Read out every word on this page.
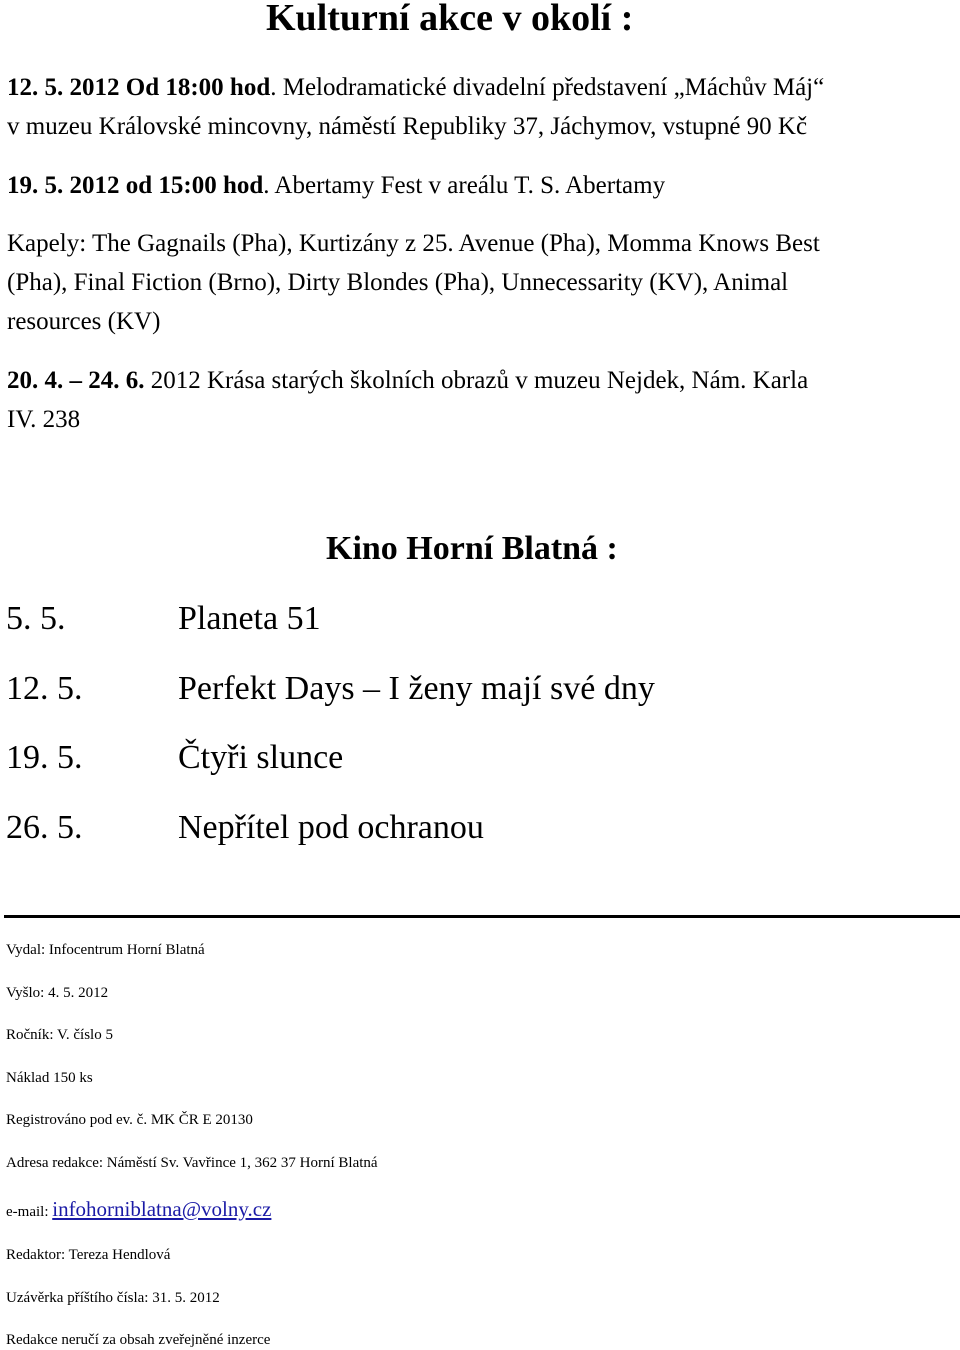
Kulturní akce v okolí :
12. 5. 2012 Od 18:00 hod. Melodramatické divadelní představení „Máchův Máj“
v muzeu Královské mincovny, náměstí Republiky 37, Jáchymov, vstupné 90 Kč
19. 5. 2012 od 15:00 hod. Abertamy Fest v areálu T. S. Abertamy
Kapely: The Gagnails (Pha), Kurtizány z 25. Avenue (Pha), Momma Knows Best
(Pha), Final Fiction (Brno), Dirty Blondes (Pha), Unnecessarity (KV), Animal
resources (KV)
20. 4. – 24. 6. 2012 Krása starých školních obrazů v muzeu Nejdek, Nám. Karla
IV. 238
Kino Horní Blatná :
5. 5.	Planeta 51
12. 5.	Perfekt Days – I ženy mají své dny
19. 5.	Čtyři slunce
26. 5.	Nepřítel pod ochranou
Vydal: Infocentrum Horní Blatná
Vyšlo: 4. 5. 2012
Ročník: V. číslo 5
Náklad 150 ks
Registrováno pod ev. č. MK ČR E 20130
Adresa redakce: Náměstí Sv. Vavřince 1, 362 37 Horní Blatná
e-mail: infohorniblatna@volny.cz
Redaktor: Tereza Hendlová
Uzávěrka příštího čísla: 31. 5. 2012
Redakce neručí za obsah zveřejněné inzerce
